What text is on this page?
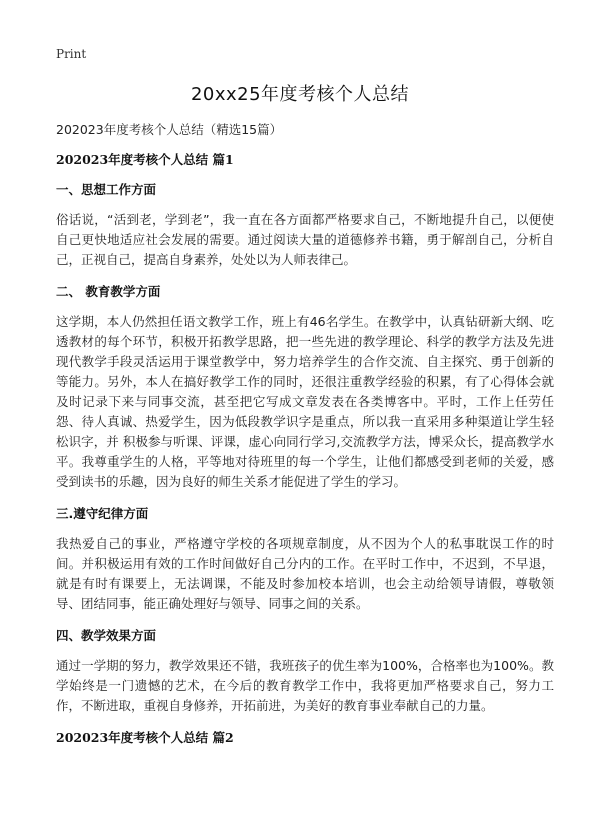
Print
20xx25年度考核个人总结

202023年度考核个人总结（精选15篇）

202023年度考核个人总结 篇1

一、思想工作方面

俗话说，“活到老，学到老”，我一直在各方面都严格要求自己，不断地提升自己，以便使自己更快地适应社会发展的需要。通过阅读大量的道德修养书籍，勇于解剖自己，分析自己，正视自己，提高自身素养，处处以为人师表律己。

二、 教育教学方面

这学期，本人仍然担任语文教学工作，班上有46名学生。在教学中，认真钻研新大纲、吃透教材的每个环节，积极开拓教学思路，把一些先进的教学理论、科学的教学方法及先进现代教学手段灵活运用于课堂教学中，努力培养学生的合作交流、自主探究、勇于创新的等能力。另外，本人在搞好教学工作的同时，还很注重教学经验的积累，有了心得体会就及时记录下来与同事交流，甚至把它写成文章发表在各类博客中。平时，工作上任劳任怨、待人真诚、热爱学生，因为低段教学识字是重点，所以我一直采用多种渠道让学生轻松识字，并 积极参与听课、评课，虚心向同行学习,交流教学方法，博采众长，提高教学水平。我尊重学生的人格，平等地对待班里的每一个学生，让他们都感受到老师的关爱，感受到读书的乐趣，因为良好的师生关系才能促进了学生的学习。

三.遵守纪律方面

我热爱自己的事业，严格遵守学校的各项规章制度，从不因为个人的私事耽误工作的时间。并积极运用有效的工作时间做好自己分内的工作。在平时工作中，不迟到，不早退，就是有时有课要上，无法调课，不能及时参加校本培训，也会主动给领导请假，尊敬领导、团结同事，能正确处理好与领导、同事之间的关系。

四、教学效果方面

通过一学期的努力，教学效果还不错，我班孩子的优生率为100%，合格率也为100%。教学始终是一门遗憾的艺术，在今后的教育教学工作中，我将更加严格要求自己，努力工作，不断进取，重视自身修养，开拓前进，为美好的教育事业奉献自己的力量。

202023年度考核个人总结 篇2
